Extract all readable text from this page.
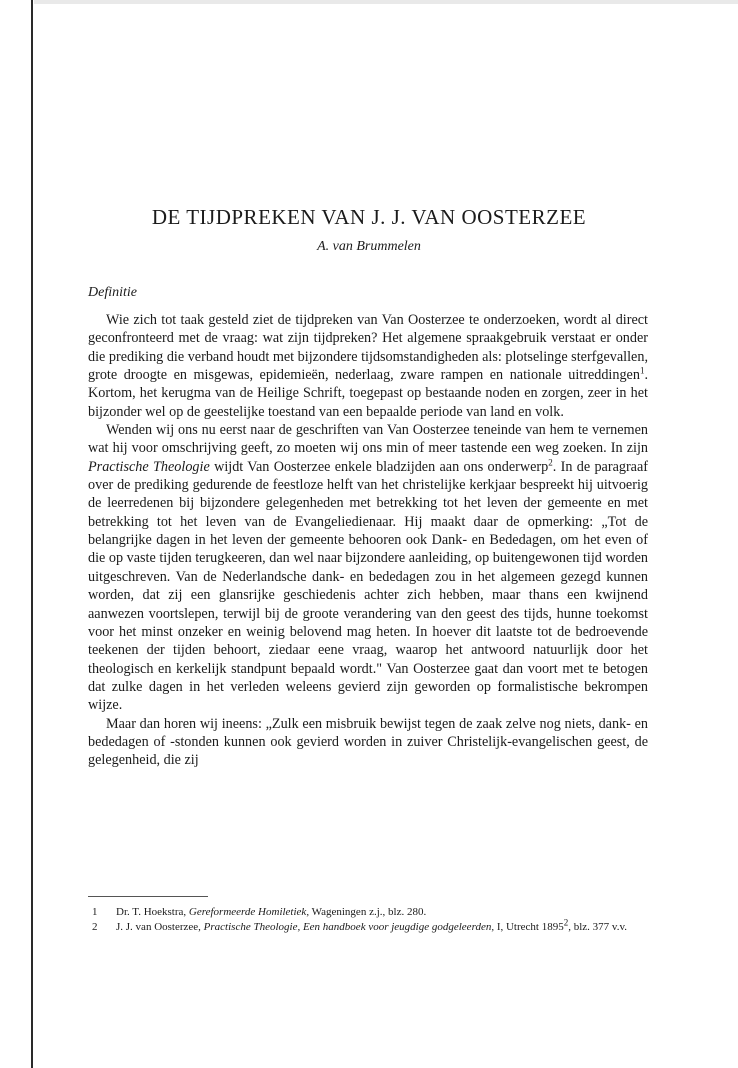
DE TIJDPREKEN VAN J. J. VAN OOSTERZEE
A. van Brummelen
Definitie

Wie zich tot taak gesteld ziet de tijdpreken van Van Oosterzee te onderzoeken, wordt al direct geconfronteerd met de vraag: wat zijn tijdpreken? Het algemene spraakgebruik verstaat er onder die prediking die verband houdt met bijzondere tijdsomstandigheden als: plotselinge sterfgevallen, grote droogte en misgewas, epidemieën, nederlaag, zware rampen en nationale uitreddingen$^1$. Kortom, het kerugma van de Heilige Schrift, toegepast op bestaande noden en zorgen, zeer in het bijzonder wel op de geestelijke toestand van een bepaalde periode van land en volk.

Wenden wij ons nu eerst naar de geschriften van Van Oosterzee teneinde van hem te vernemen wat hij voor omschrijving geeft, zo moeten wij ons min of meer tastende een weg zoeken. In zijn Practische Theologie wijdt Van Oosterzee enkele bladzijden aan ons onderwerp$^2$. In de paragraaf over de prediking gedurende de feestloze helft van het christelijke kerkjaar bespreekt hij uitvoerig de leerredenen bij bijzondere gelegenheden met betrekking tot het leven der gemeente en met betrekking tot het leven van de Evangeliedienaar. Hij maakt daar de opmerking: „Tot de belangrijke dagen in het leven der gemeente behooren ook Dank- en Bededagen, om het even of die op vaste tijden terugkeeren, dan wel naar bijzondere aanleiding, op buitengewonen tijd worden uitgeschreven. Van de Nederlandsche dank- en bededagen zou in het algemeen gezegd kunnen worden, dat zij een glansrijke geschiedenis achter zich hebben, maar thans een kwijnend aanwezen voortslepen, terwijl bij de groote verandering van den geest des tijds, hunne toekomst voor het minst onzeker en weinig belovend mag heten. In hoever dit laatste tot de bedroevende teekenen der tijden behoort, ziedaar eene vraag, waarop het antwoord natuurlijk door het theologisch en kerkelijk standpunt bepaald wordt." Van Oosterzee gaat dan voort met te betogen dat zulke dagen in het verleden weleens gevierd zijn geworden op formalistische bekrompen wijze.

Maar dan horen wij ineens: „Zulk een misbruik bewijst tegen de zaak zelve nog niets, dank- en bededagen of -stonden kunnen ook gevierd worden in zuiver Christelijk-evangelischen geest, de gelegenheid, die zij

1	Dr. T. Hoekstra, Gereformeerde Homiletiek, Wageningen z.j., blz. 280.
2	J. J. van Oosterzee, Practische Theologie, Een handboek voor jeugdige godgeleerden, I, Utrecht 1895$^2$, blz. 377 v.v.
